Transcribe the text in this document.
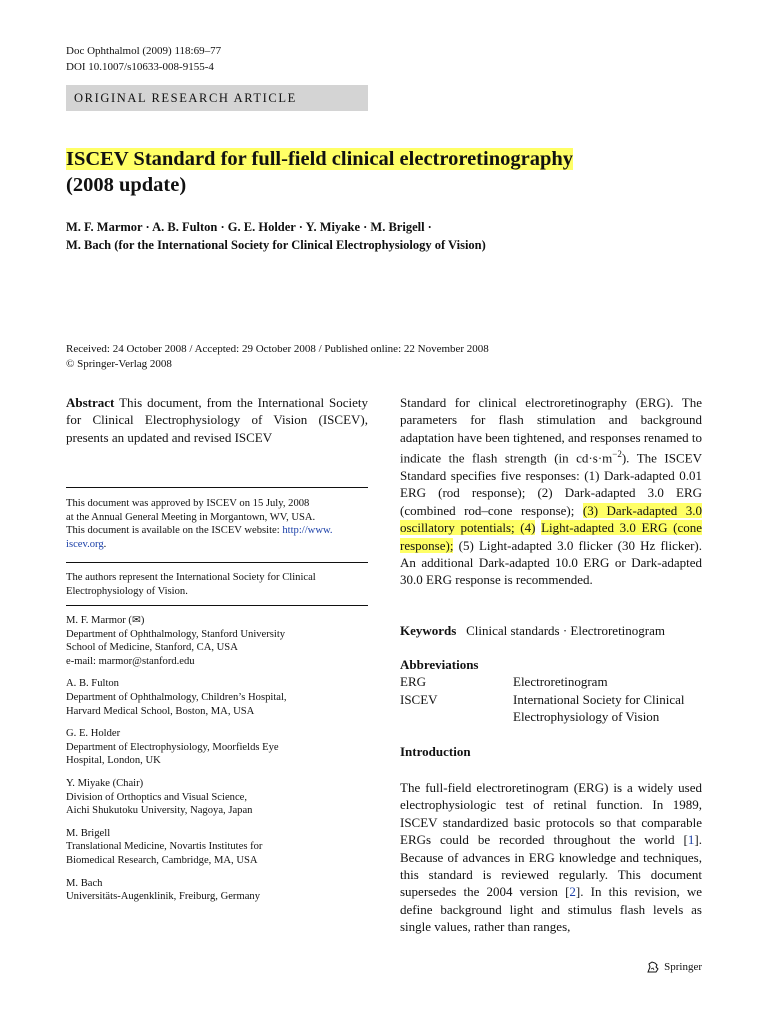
Doc Ophthalmol (2009) 118:69–77
DOI 10.1007/s10633-008-9155-4
ORIGINAL RESEARCH ARTICLE
ISCEV Standard for full-field clinical electroretinography
(2008 update)
M. F. Marmor · A. B. Fulton · G. E. Holder · Y. Miyake · M. Brigell ·
M. Bach (for the International Society for Clinical Electrophysiology of Vision)
Received: 24 October 2008 / Accepted: 29 October 2008 / Published online: 22 November 2008
© Springer-Verlag 2008
Abstract This document, from the International Society for Clinical Electrophysiology of Vision (ISCEV), presents an updated and revised ISCEV
This document was approved by ISCEV on 15 July, 2008
at the Annual General Meeting in Morgantown, WV, USA.
This document is available on the ISCEV website: http://www.
iscev.org.
The authors represent the International Society for Clinical
Electrophysiology of Vision.
M. F. Marmor (✉)
Department of Ophthalmology, Stanford University
School of Medicine, Stanford, CA, USA
e-mail: marmor@stanford.edu
A. B. Fulton
Department of Ophthalmology, Children’s Hospital,
Harvard Medical School, Boston, MA, USA
G. E. Holder
Department of Electrophysiology, Moorfields Eye
Hospital, London, UK
Y. Miyake (Chair)
Division of Orthoptics and Visual Science,
Aichi Shukutoku University, Nagoya, Japan
M. Brigell
Translational Medicine, Novartis Institutes for
Biomedical Research, Cambridge, MA, USA
M. Bach
Universitäts-Augenklinik, Freiburg, Germany
Standard for clinical electroretinography (ERG). The parameters for flash stimulation and background adaptation have been tightened, and responses renamed to indicate the flash strength (in $cd\cdot s\cdot m^{-2}$). The ISCEV Standard specifies five responses: (1) Dark-adapted 0.01 ERG (rod response); (2) Dark-adapted 3.0 ERG (combined rod–cone response); (3) Dark-adapted 3.0 oscillatory potentials; (4) Light-adapted 3.0 ERG (cone response); (5) Light-adapted 3.0 flicker (30 Hz flicker). An additional Dark-adapted 10.0 ERG or Dark-adapted 30.0 ERG response is recommended.
Keywords Clinical standards · Electroretinogram
Abbreviations
ERG	Electroretinogram
ISCEV	International Society for Clinical
Electrophysiology of Vision
Introduction
The full-field electroretinogram (ERG) is a widely used electrophysiologic test of retinal function. In 1989, ISCEV standardized basic protocols so that comparable ERGs could be recorded throughout the world [1]. Because of advances in ERG knowledge and techniques, this standard is reviewed regularly. This document supersedes the 2004 version [2]. In this revision, we define background light and stimulus flash levels as single values, rather than ranges,
Springer
